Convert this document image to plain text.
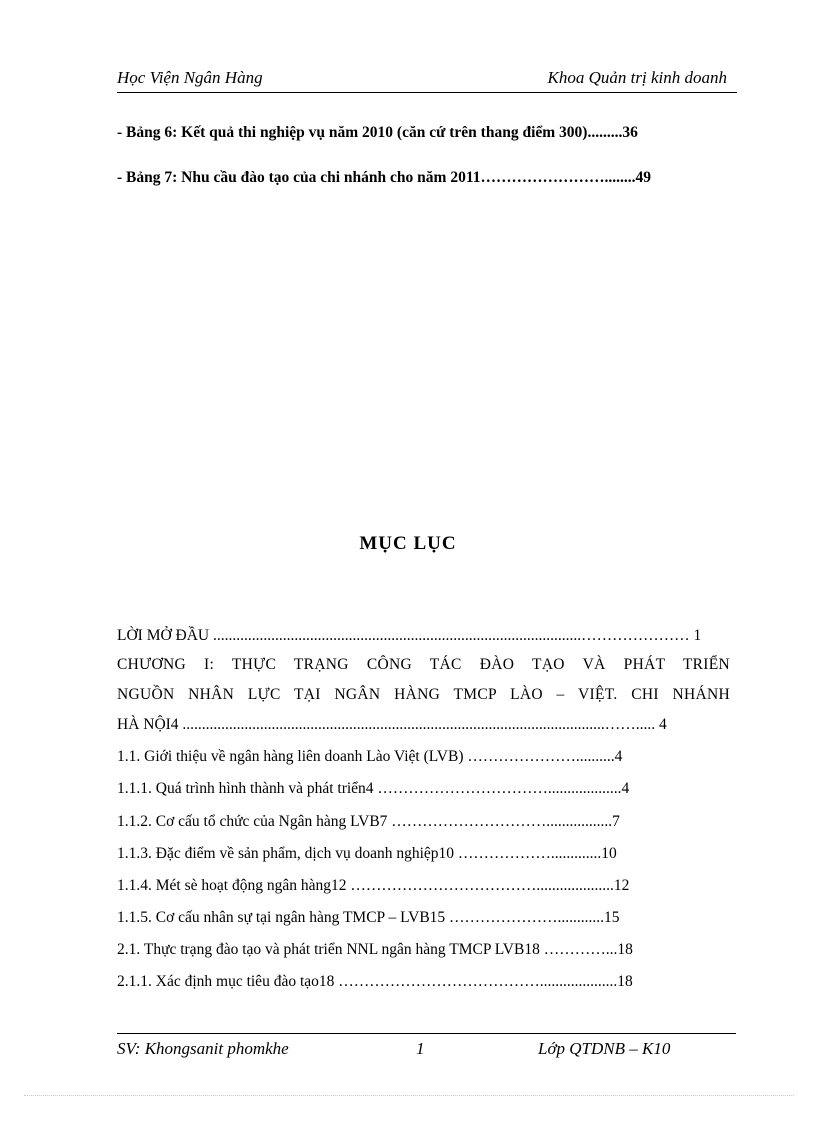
Học Viện Ngân Hàng	Khoa Quản trị kinh doanh
- Bảng 6: Kết quả thi nghiệp vụ năm 2010 (căn cứ trên thang điểm 300).........36
- Bảng 7: Nhu cầu đào tạo của chi nhánh cho năm 2011……………………........49
MỤC LỤC
LỜI MỞ ĐẦU ...............................................................................................………………… 1
CHƯƠNG I: THỰC TRẠNG CÔNG TÁC ĐÀO TẠO VÀ PHÁT TRIỂN
NGUỒN NHÂN LỰC TẠI NGÂN HÀNG TMCP LÀO – VIỆT. CHI NHÁNH
HÀ NỘI4 .............................................................................................................……..... 4
1.1. Giới thiệu về ngân hàng liên doanh Lào Việt (LVB) …………………..........4
1.1.1. Quá trình hình thành và phát triển4 ……………………………...................4
1.1.2. Cơ cấu tổ chức của Ngân hàng LVB7 ………………………….................7
1.1.3. Đặc điểm về sản phẩm, dịch vụ doanh nghiệp10 ……………….............10
1.1.4. Mét sè hoạt động ngân hàng12 ………………………………....................12
1.1.5. Cơ cấu nhân sự tại ngân hàng TMCP – LVB15 …………………............15
2.1. Thực trạng đào tạo và phát triển NNL ngân hàng TMCP LVB18 …………...18
2.1.1. Xác định mục tiêu đào tạo18 …………………………………....................18
SV: Khongsanit phomkhe	1	Lớp QTDNB – K10
